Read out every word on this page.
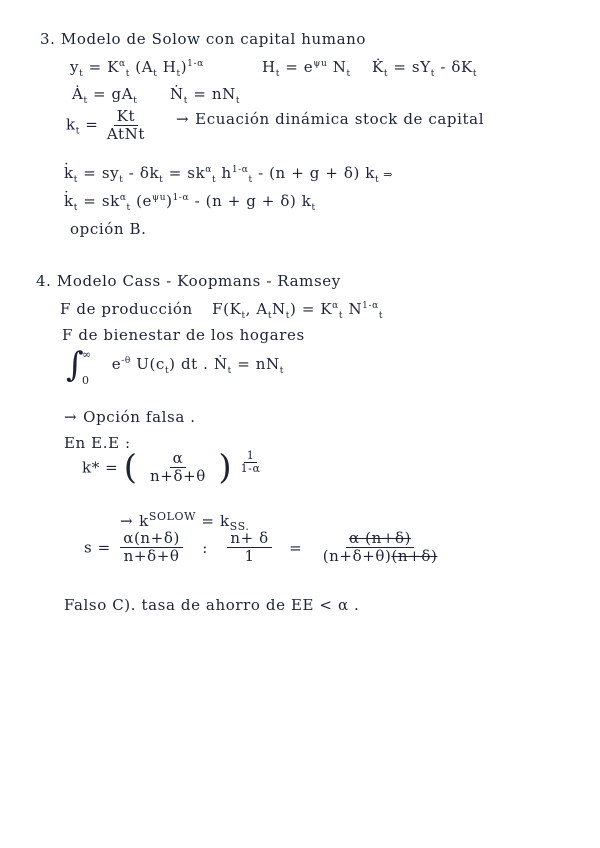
3. Modelo de Solow con capital humano
$y_t = K^\alpha_t$ ($A_t$ $H_t)^{1-\alpha}$	$H_t = e^{\psi u}$ $N_t$ $K̇_t = sY_t - \delta K_t$
$Ȧ_t = gA_t$ Ṅ$_t$ = $nN_t$
$k_t = \frac{Kt}{\text{AtNt}}$ → Ecuación dinámica stock de capital
$k̇_t = sy_t - \delta k_t = sk^\alpha_t$ $h^{1-\alpha}_t - (n + g + \delta)$ $k_t$ ⇒
$k̇_t = sk^\alpha_t$ $(e^{\psi u})^{1-\alpha} - (n + g + \delta)$ $k_t$
opción B.
4. Modelo Cass - Koopmans - Ramsey
F de producción $F(K_t$, $A_tN_t) = K^\alpha_t$ $N^{1-\alpha}_t$
F de bienestar de los hogares
∫
∞
0
$e^{-\theta}$ $U(c_t)$ dt . Ṅ$_t$ = $nN_t$
→ Opción falsa .
En E.E :
k* = ( $\frac{\alpha}{n+\delta+\theta}$ ) $\frac{1}{1-\alpha}$
→ $k^{SOLOW} = k_{SS.}$
$s = \frac{\alpha(n+\delta)}{n+\delta+\theta}$ : $\frac{n+ \delta}{1} = \frac{\alpha (n+\delta)}{(n+\delta+\theta)(n+\delta)}$
Falso C). tasa de ahorro de EE < α .
